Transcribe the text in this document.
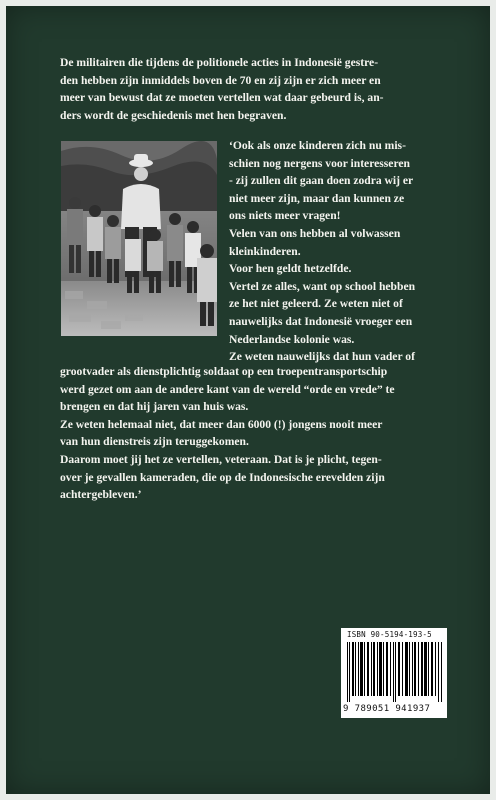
De militairen die tijdens de politionele acties in Indonesië gestre-

den hebben zijn inmiddels boven de 70 en zij zijn er zich meer en

meer van bewust dat ze moeten vertellen wat daar gebeurd is, an-

ders wordt de geschiedenis met hen begraven.

‘Ook als onze kinderen zich nu mis-

schien nog nergens voor interesseren

- zij zullen dit gaan doen zodra wij er

niet meer zijn, maar dan kunnen ze

ons niets meer vragen!

Velen van ons hebben al volwassen

kleinkinderen.

Voor hen geldt hetzelfde.

Vertel ze alles, want op school hebben

ze het niet geleerd. Ze weten niet of

nauwelijks dat Indonesië vroeger een

Nederlandse kolonie was.

Ze weten nauwelijks dat hun vader of

grootvader als dienstplichtig soldaat op een troepentransportschip

werd gezet om aan de andere kant van de wereld “orde en vrede” te

brengen en dat hij jaren van huis was.

Ze weten helemaal niet, dat meer dan 6000 (!) jongens nooit meer

van hun dienstreis zijn teruggekomen.

Daarom moet jij het ze vertellen, veteraan. Dat is je plicht, tegen-

over je gevallen kameraden, die op de Indonesische erevelden zijn

achtergebleven.’

ISBN 90-5194-193-5
9 789051 941937
